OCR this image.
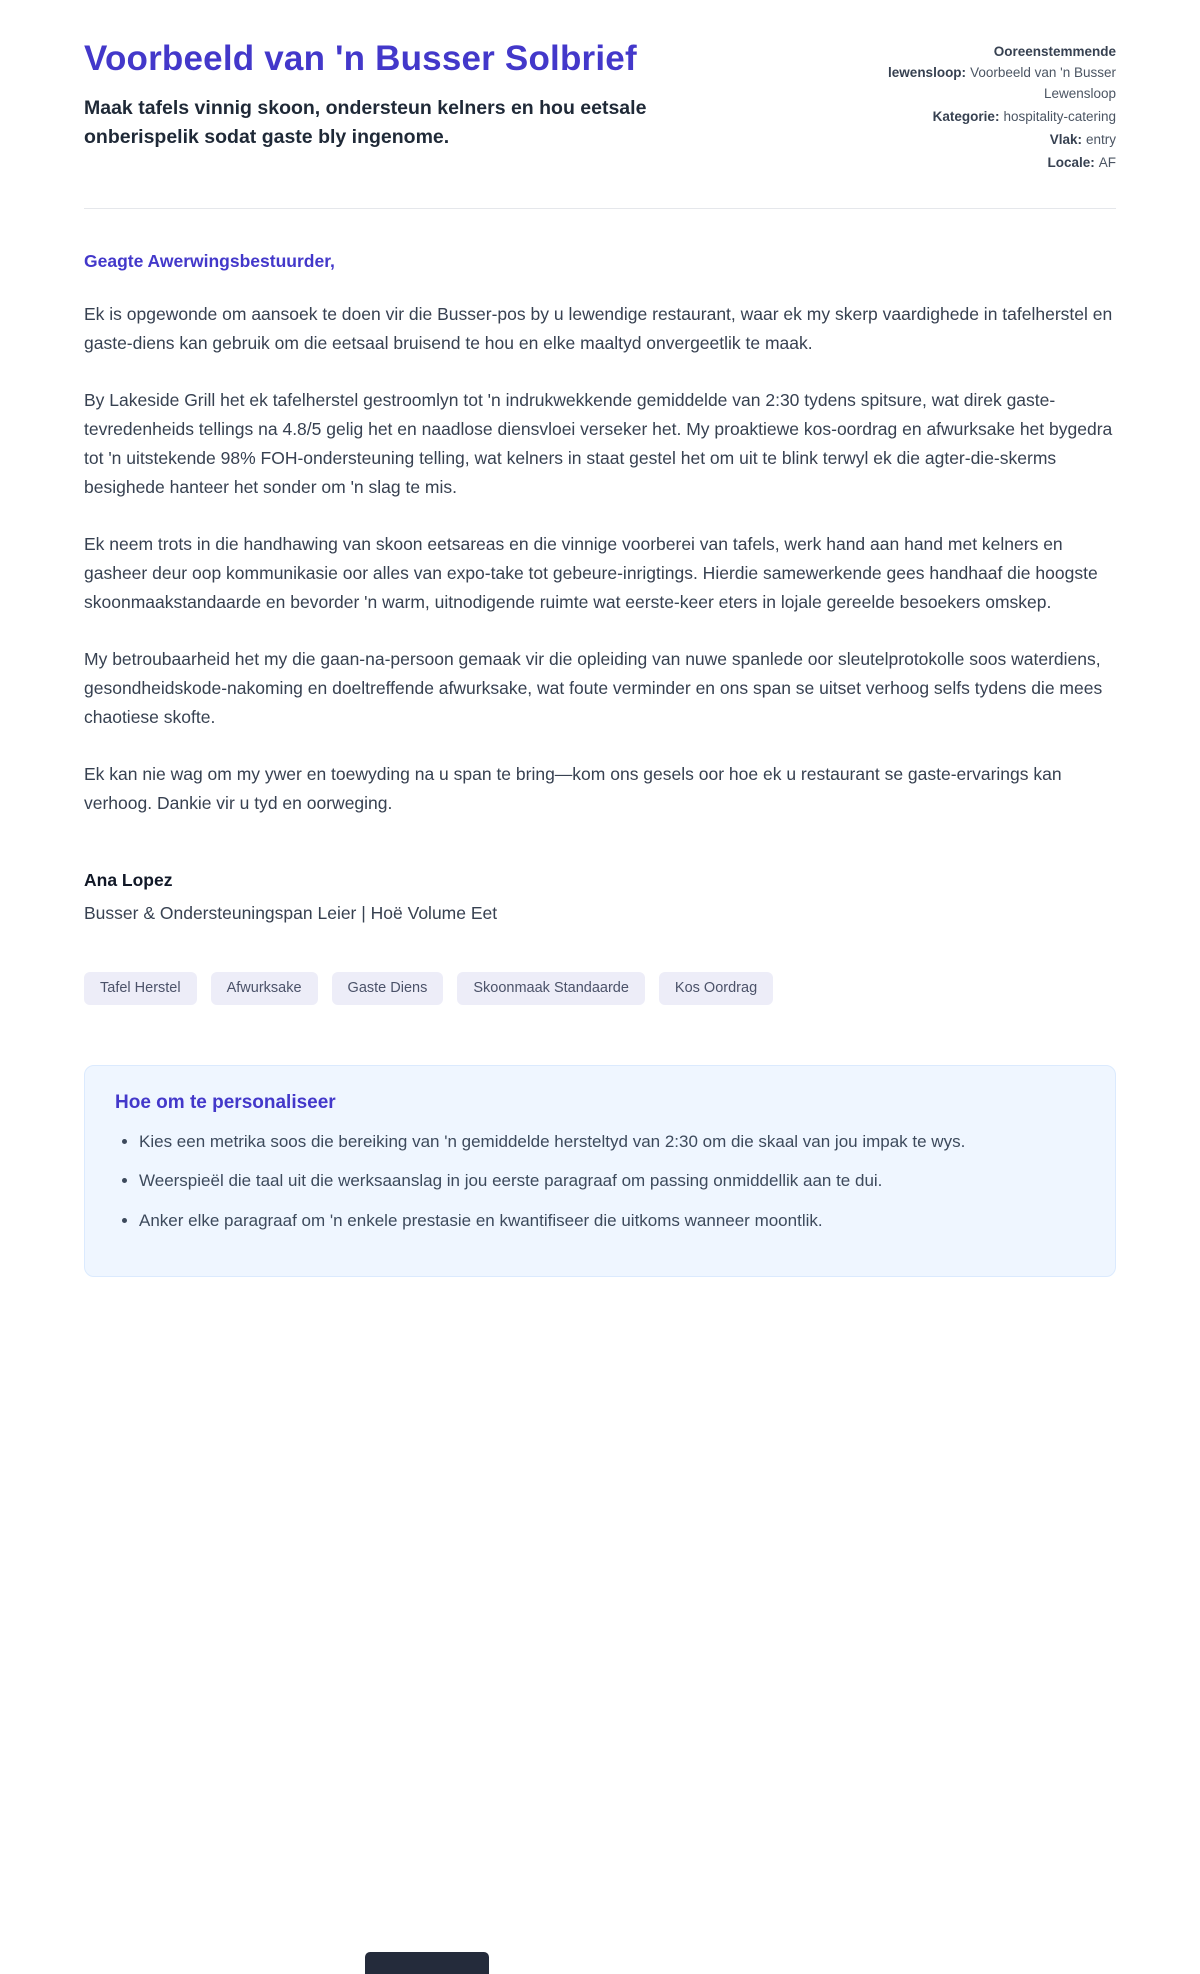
Voorbeeld van 'n Busser Solbrief

Maak tafels vinnig skoon, ondersteun kelners en hou eetsale onberispelik sodat gaste bly ingenome.

Ooreenstemmende lewensloop: Voorbeeld van 'n Busser Lewensloop
Kategorie: hospitality-catering
Vlak: entry
Locale: AF

Geagte Awerwingsbestuurder,

Ek is opgewonde om aansoek te doen vir die Busser-pos by u lewendige restaurant, waar ek my skerp vaardighede in tafelherstel en gaste-diens kan gebruik om die eetsaal bruisend te hou en elke maaltyd onvergeetlik te maak.

By Lakeside Grill het ek tafelherstel gestroomlyn tot 'n indrukwekkende gemiddelde van 2:30 tydens spitsure, wat direk gaste-tevredenheids tellings na 4.8/5 gelig het en naadlose diensvloei verseker het. My proaktiewe kos-oordrag en afwurksake het bygedra tot 'n uitstekende 98% FOH-ondersteuning telling, wat kelners in staat gestel het om uit te blink terwyl ek die agter-die-skerms besighede hanteer het sonder om 'n slag te mis.

Ek neem trots in die handhawing van skoon eetsareas en die vinnige voorberei van tafels, werk hand aan hand met kelners en gasheer deur oop kommunikasie oor alles van expo-take tot gebeure-inrigtings. Hierdie samewerkende gees handhaaf die hoogste skoonmaakstandaarde en bevorder 'n warm, uitnodigende ruimte wat eerste-keer eters in lojale gereelde besoekers omskep.

My betroubaarheid het my die gaan-na-persoon gemaak vir die opleiding van nuwe spanlede oor sleutelprotokolle soos waterdiens, gesondheidskode-nakoming en doeltreffende afwurksake, wat foute verminder en ons span se uitset verhoog selfs tydens die mees chaotiese skofte.

Ek kan nie wag om my ywer en toewyding na u span te bring—kom ons gesels oor hoe ek u restaurant se gaste-ervarings kan verhoog. Dankie vir u tyd en oorweging.

Ana Lopez

Busser & Ondersteuningspan Leier | Hoë Volume Eet

Tafel Herstel	Afwurksake	Gaste Diens	Skoonmaak Standaarde	Kos Oordrag
Hoe om te personaliseer
• Kies een metrika soos die bereiking van 'n gemiddelde hersteltyd van 2:30 om die skaal van jou impak te wys.
• Weerspieël die taal uit die werksaanslag in jou eerste paragraaf om passing onmiddellik aan te dui.
• Anker elke paragraaf om 'n enkele prestasie en kwantifiseer die uitkoms wanneer moontlik.
